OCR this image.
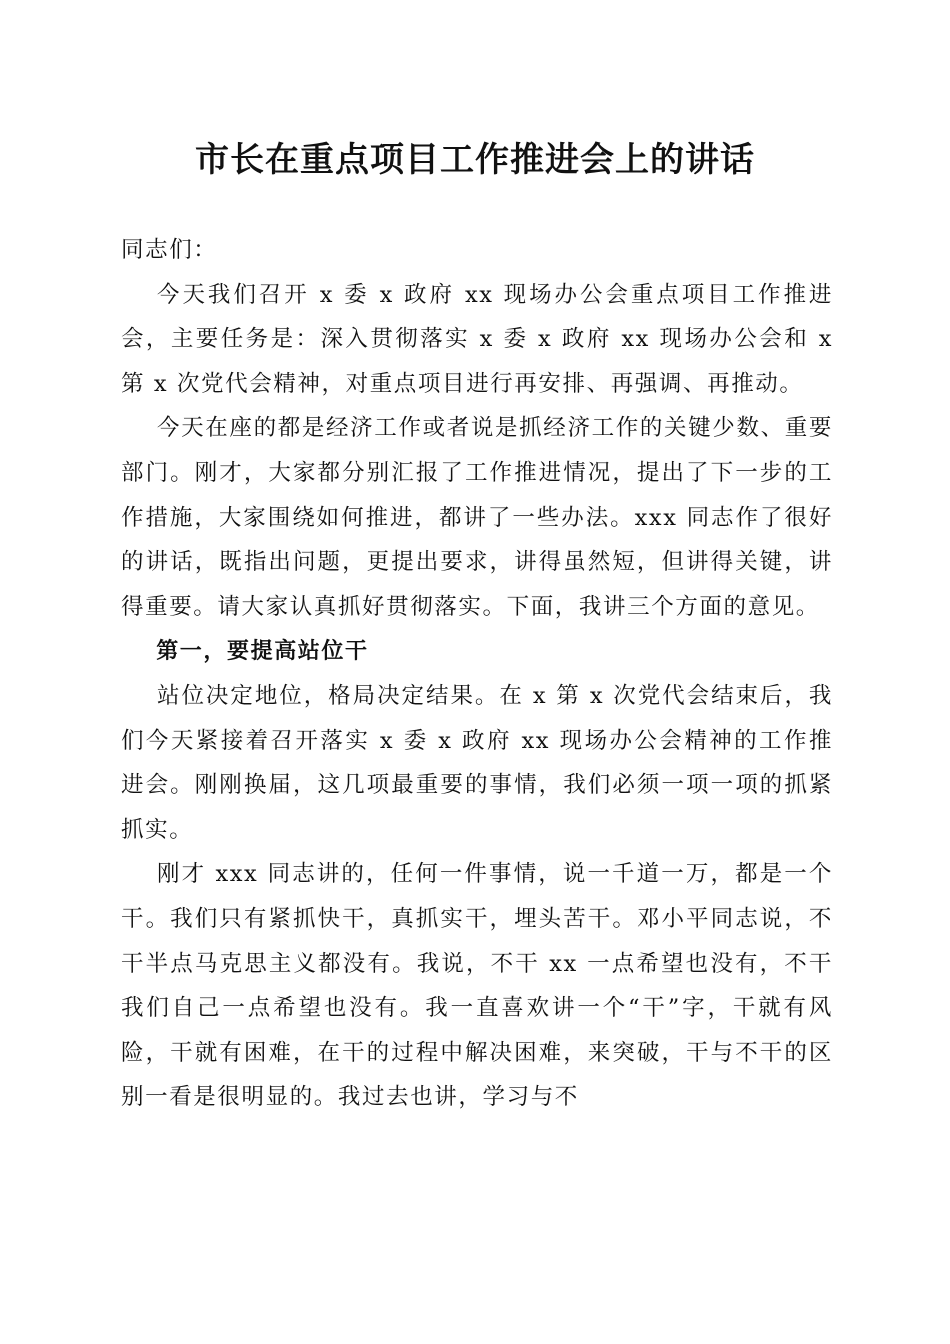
市长在重点项目工作推进会上的讲话

同志们：

今天我们召开 x 委 x 政府 xx 现场办公会重点项目工作推进会，主要任务是：深入贯彻落实 x 委 x 政府 xx 现场办公会和 x 第 x 次党代会精神，对重点项目进行再安排、再强调、再推动。

今天在座的都是经济工作或者说是抓经济工作的关键少数、重要部门。刚才，大家都分别汇报了工作推进情况，提出了下一步的工作措施，大家围绕如何推进，都讲了一些办法。xxx 同志作了很好的讲话，既指出问题，更提出要求，讲得虽然短，但讲得关键，讲得重要。请大家认真抓好贯彻落实。下面，我讲三个方面的意见。

第一，要提高站位干

站位决定地位，格局决定结果。在 x 第 x 次党代会结束后，我们今天紧接着召开落实 x 委 x 政府 xx 现场办公会精神的工作推进会。刚刚换届，这几项最重要的事情，我们必须一项一项的抓紧抓实。

刚才 xxx 同志讲的，任何一件事情，说一千道一万，都是一个干。我们只有紧抓快干，真抓实干，埋头苦干。邓小平同志说，不干半点马克思主义都没有。我说，不干 xx 一点希望也没有，不干我们自己一点希望也没有。我一直喜欢讲一个“干”字，干就有风险，干就有困难，在干的过程中解决困难，来突破，干与不干的区别一看是很明显的。我过去也讲，学习与不
